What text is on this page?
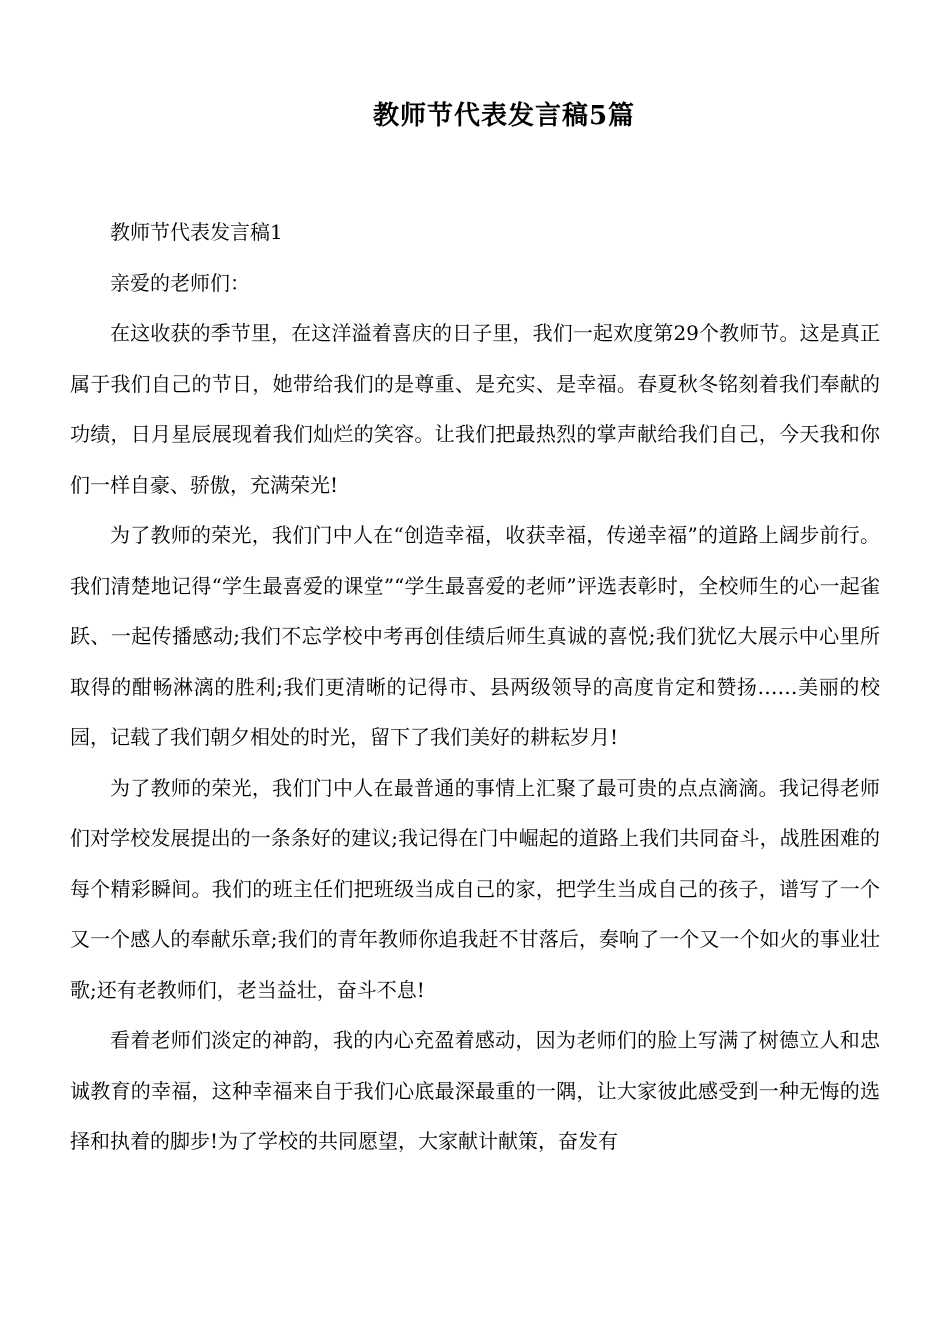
教师节代表发言稿5篇

教师节代表发言稿1

亲爱的老师们：

在这收获的季节里，在这洋溢着喜庆的日子里，我们一起欢度第29个教师节。这是真正属于我们自己的节日，她带给我们的是尊重、是充实、是幸福。春夏秋冬铭刻着我们奉献的功绩，日月星辰展现着我们灿烂的笑容。让我们把最热烈的掌声献给我们自己，今天我和你们一样自豪、骄傲，充满荣光!

为了教师的荣光，我们门中人在“创造幸福，收获幸福，传递幸福”的道路上阔步前行。我们清楚地记得“学生最喜爱的课堂”“学生最喜爱的老师”评选表彰时，全校师生的心一起雀跃、一起传播感动;我们不忘学校中考再创佳绩后师生真诚的喜悦;我们犹忆大展示中心里所取得的酣畅淋漓的胜利;我们更清晰的记得市、县两级领导的高度肯定和赞扬……美丽的校园，记载了我们朝夕相处的时光，留下了我们美好的耕耘岁月!

为了教师的荣光，我们门中人在最普通的事情上汇聚了最可贵的点点滴滴。我记得老师们对学校发展提出的一条条好的建议;我记得在门中崛起的道路上我们共同奋斗，战胜困难的每个精彩瞬间。我们的班主任们把班级当成自己的家，把学生当成自己的孩子，谱写了一个又一个感人的奉献乐章;我们的青年教师你追我赶不甘落后，奏响了一个又一个如火的事业壮歌;还有老教师们，老当益壮，奋斗不息!

看着老师们淡定的神韵，我的内心充盈着感动，因为老师们的脸上写满了树德立人和忠诚教育的幸福，这种幸福来自于我们心底最深最重的一隅，让大家彼此感受到一种无悔的选择和执着的脚步!为了学校的共同愿望，大家献计献策，奋发有
